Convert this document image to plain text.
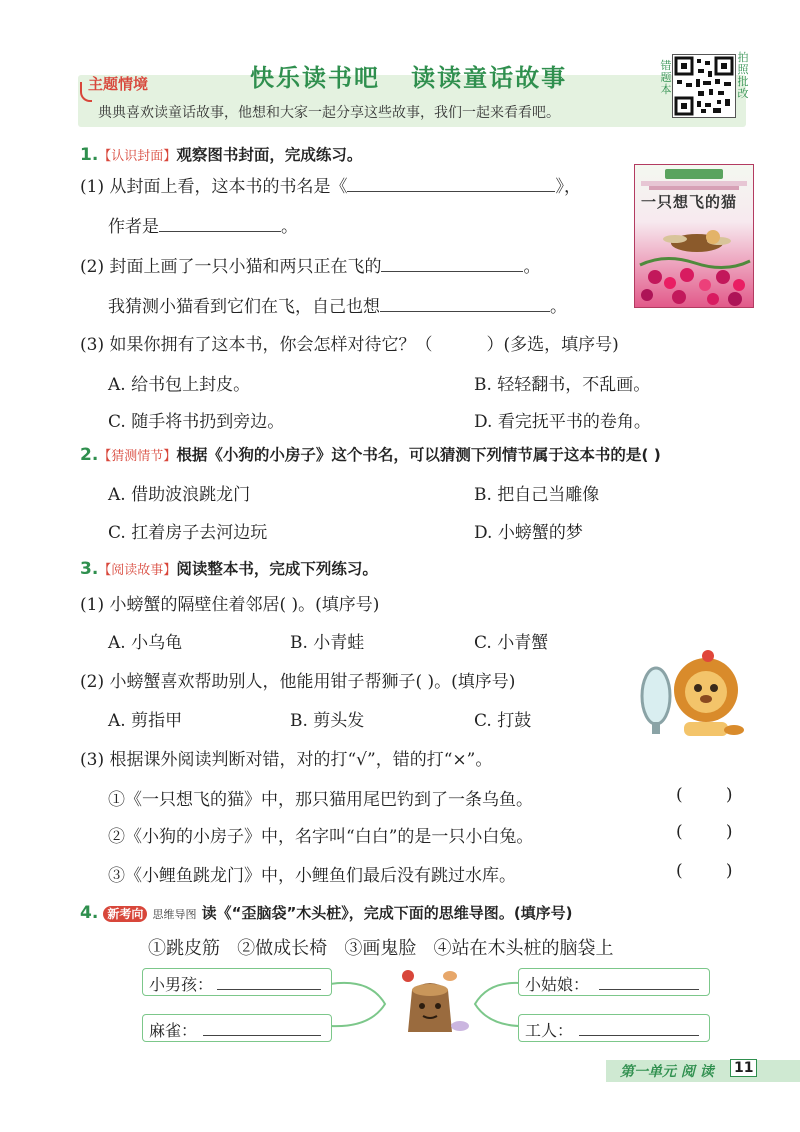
快乐读书吧   读读童话故事
主题情境
典典喜欢读童话故事，他想和大家一起分享这些故事，我们一起来看看吧。
错题本
拍照批改
1.【认识封面】观察图书封面，完成练习。
(1) 从封面上看，这本书的书名是《	》，
作者是	。
(2) 封面上画了一只小猫和两只正在飞的	。
我猜测小猫看到它们在飞，自己也想	。
(3) 如果你拥有了这本书，你会怎样对待它？（          ）(多选，填序号)
A. 给书包上封皮。	B. 轻轻翻书，不乱画。
C. 随手将书扔到旁边。	D. 看完抚平书的卷角。
一只想飞的猫
2.【猜测情节】根据《小狗的小房子》这个书名，可以猜测下列情节属于这本书的是( )
A. 借助波浪跳龙门	B. 把自己当雕像
C. 扛着房子去河边玩	D. 小螃蟹的梦
3.【阅读故事】阅读整本书，完成下列练习。
(1) 小螃蟹的隔壁住着邻居( )。(填序号)
A. 小乌龟	B. 小青蛙	C. 小青蟹
(2) 小螃蟹喜欢帮助别人，他能用钳子帮狮子( )。(填序号)
A. 剪指甲	B. 剪头发	C. 打鼓
(3) 根据课外阅读判断对错，对的打“√”，错的打“×”。
①《一只想飞的猫》中，那只猫用尾巴钓到了一条乌鱼。	(        )
②《小狗的小房子》中，名字叫“白白”的是一只小白兔。	(        )
③《小鲤鱼跳龙门》中，小鲤鱼们最后没有跳过水库。	(        )
4. 新考向 思维导图 读《“歪脑袋”木头桩》，完成下面的思维导图。(填序号)
①跳皮筋   ②做成长椅   ③画鬼脸   ④站在木头桩的脑袋上
小男孩：
麻雀：
小姑娘：
工人：
第一单元 阅 读 11
